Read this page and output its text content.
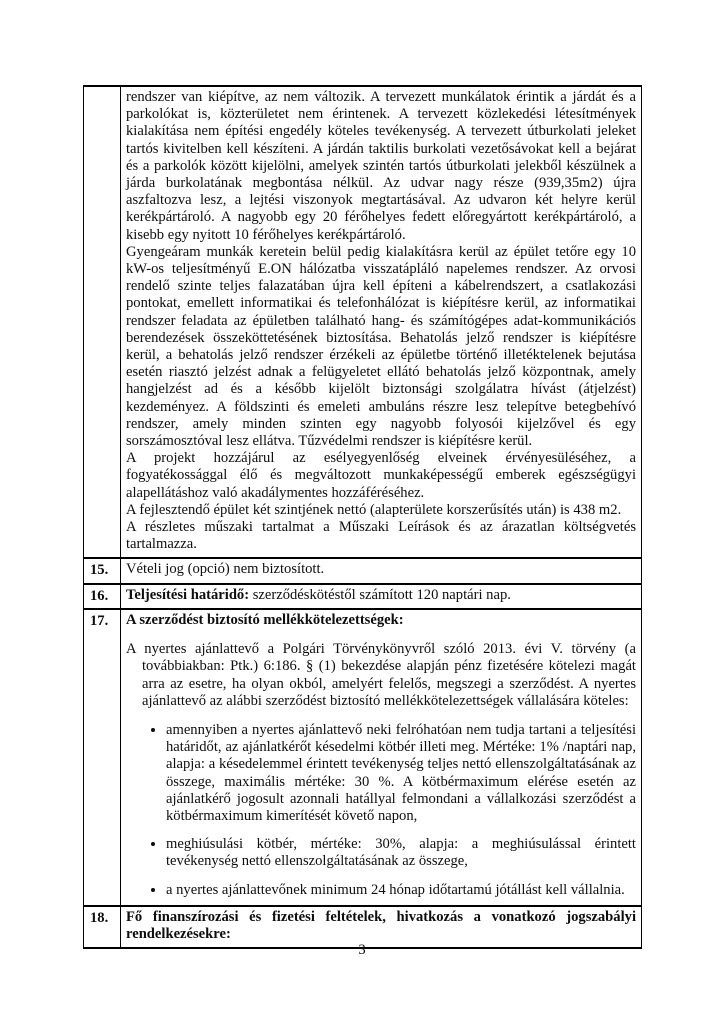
	rendszer van kiépítve, az nem változik. A tervezett munkálatok érintik a járdát és a parkolókat is, közterületet nem érintenek. A tervezett közlekedési létesítmények kialakítása nem építési engedély köteles tevékenység. A tervezett útburkolati jeleket tartós kivitelben kell készíteni. A járdán taktilis burkolati vezetősávokat kell a bejárat és a parkolók között kijelölni, amelyek szintén tartós útburkolati jelekből készülnek a járda burkolatának megbontása nélkül. Az udvar nagy része (939,35m2) újra aszfaltozva lesz, a lejtési viszonyok megtartásával. Az udvaron két helyre kerül kerékpártároló. A nagyobb egy 20 férőhelyes fedett előregyártott kerékpártároló, a kisebb egy nyitott 10 férőhelyes kerékpártároló.

Gyengeáram munkák keretein belül pedig kialakításra kerül az épület tetőre egy 10 kW-os teljesítményű E.ON hálózatba visszatápláló napelemes rendszer. Az orvosi rendelő szinte teljes falazatában újra kell építeni a kábelrendszert, a csatlakozási pontokat, emellett informatikai és telefonhálózat is kiépítésre kerül, az informatikai rendszer feladata az épületben található hang- és számítógépes adat-kommunikációs berendezések összeköttetésének biztosítása. Behatolás jelző rendszer is kiépítésre kerül, a behatolás jelző rendszer érzékeli az épületbe történő illetéktelenek bejutása esetén riasztó jelzést adnak a felügyeletet ellátó behatolás jelző központnak, amely hangjelzést ad és a később kijelölt biztonsági szolgálatra hívást (átjelzést) kezdeményez. A földszinti és emeleti ambuláns részre lesz telepítve betegbehívó rendszer, amely minden szinten egy nagyobb folyosói kijelzővel és egy sorszámosztóval lesz ellátva. Tűzvédelmi rendszer is kiépítésre kerül.

A projekt hozzájárul az esélyegyenlőség elveinek érvényesüléséhez, a fogyatékossággal élő és megváltozott munkaképességű emberek egészségügyi alapellátáshoz való akadálymentes hozzáféréséhez.

A fejlesztendő épület két szintjének nettó (alapterülete korszerűsítés után) is 438 m2.

A részletes műszaki tartalmat a Műszaki Leírások és az árazatlan költségvetés tartalmazza.

15.	Vételi jog (opció) nem biztosított.

16.	Teljesítési határidő: szerződéskötéstől számított 120 naptári nap.

17.	A szerződést biztosító mellékkötelezettségek:

A nyertes ajánlattevő a Polgári Törvénykönyvről szóló 2013. évi V. törvény (a továbbiakban: Ptk.) 6:186. § (1) bekezdése alapján pénz fizetésére kötelezi magát arra az esetre, ha olyan okból, amelyért felelős, megszegi a szerződést. A nyertes ajánlattevő az alábbi szerződést biztosító mellékkötelezettségek vállalására köteles:

• amennyiben a nyertes ajánlattevő neki felróhatóan nem tudja tartani a teljesítési határidőt, az ajánlatkérőt késedelmi kötbér illeti meg. Mértéke: 1% /naptári nap, alapja: a késedelemmel érintett tevékenység teljes nettó ellenszolgáltatásának az összege, maximális mértéke: 30 %. A kötbérmaximum elérése esetén az ajánlatkérő jogosult azonnali hatállyal felmondani a vállalkozási szerződést a kötbérmaximum kimerítését követő napon,
• meghiúsulási kötbér, mértéke: 30%, alapja: a meghiúsulással érintett tevékenység nettó ellenszolgáltatásának az összege,
• a nyertes ajánlattevőnek minimum 24 hónap időtartamú jótállást kell vállalnia.

18.	Fő finanszírozási és fizetési feltételek, hivatkozás a vonatkozó jogszabályi rendelkezésekre:

3
